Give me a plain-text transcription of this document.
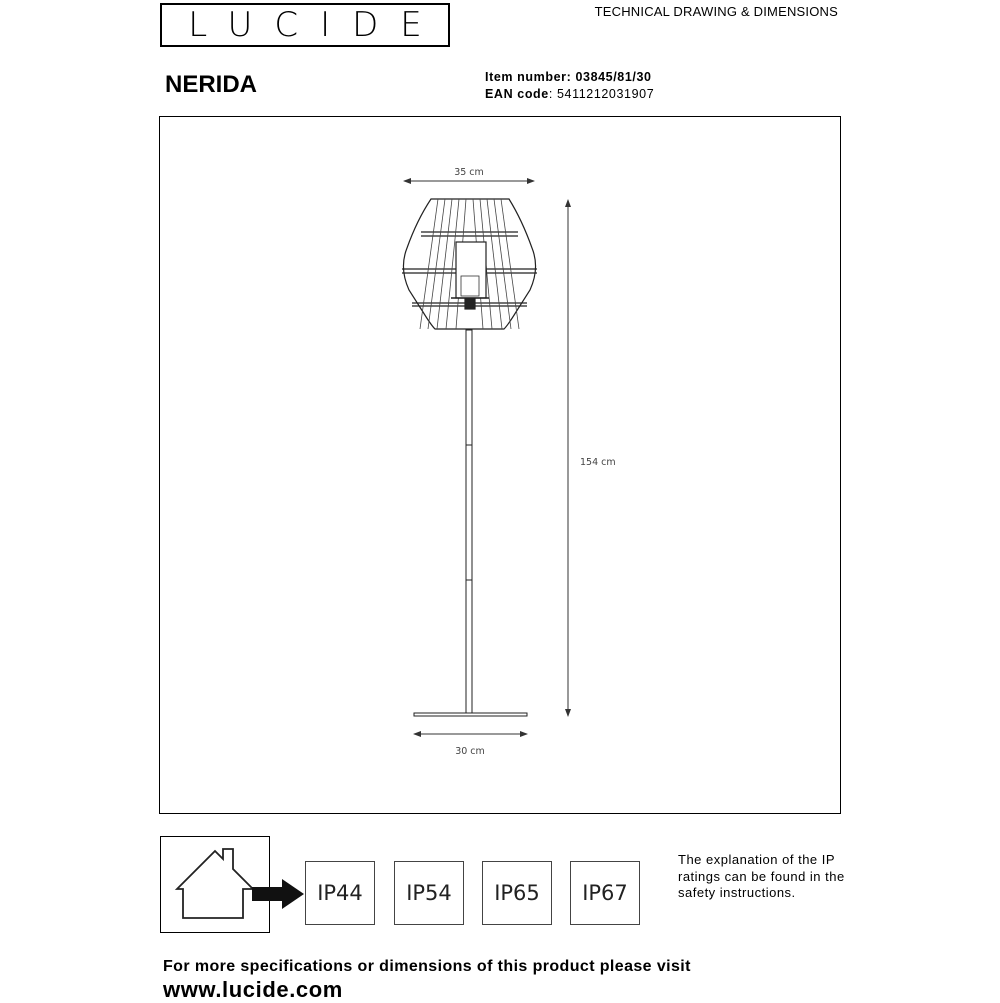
LUCIDE	TECHNICAL DRAWING & DIMENSIONS
NERIDA	Item number: 03845/81/30
EAN code: 5411212031907
35 cm
154 cm
30 cm
IP44	IP54	IP65	IP67
The explanation of the IP ratings can be found in the safety instructions.
For more specifications or dimensions of this product please visit
www.lucide.com
